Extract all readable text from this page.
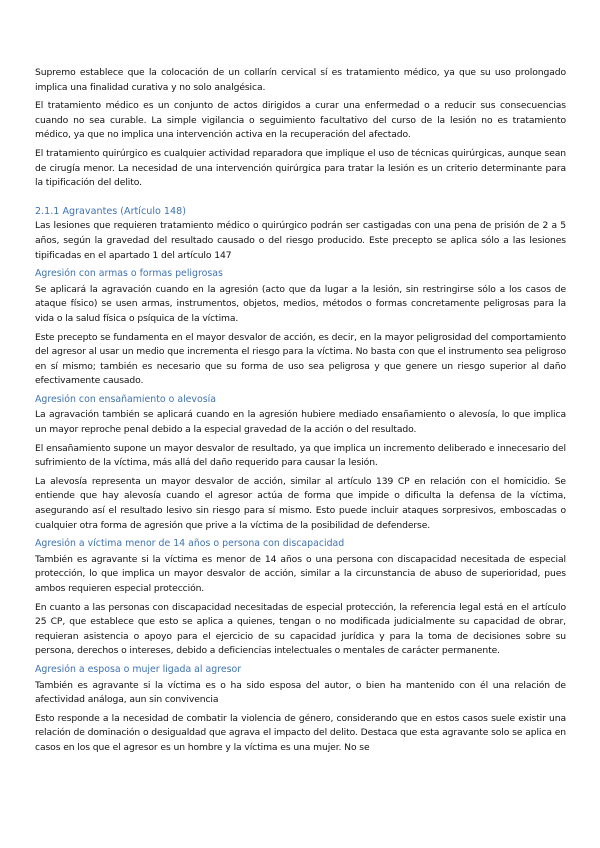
Supremo establece que la colocación de un collarín cervical sí es tratamiento médico, ya que su uso prolongado implica una finalidad curativa y no solo analgésica.

El tratamiento médico es un conjunto de actos dirigidos a curar una enfermedad o a reducir sus consecuencias cuando no sea curable. La simple vigilancia o seguimiento facultativo del curso de la lesión no es tratamiento médico, ya que no implica una intervención activa en la recuperación del afectado.

El tratamiento quirúrgico es cualquier actividad reparadora que implique el uso de técnicas quirúrgicas, aunque sean de cirugía menor. La necesidad de una intervención quirúrgica para tratar la lesión es un criterio determinante para la tipificación del delito.

2.1.1 Agravantes (Artículo 148)

Las lesiones que requieren tratamiento médico o quirúrgico podrán ser castigadas con una pena de prisión de 2 a 5 años, según la gravedad del resultado causado o del riesgo producido. Este precepto se aplica sólo a las lesiones tipificadas en el apartado 1 del artículo 147

Agresión con armas o formas peligrosas

Se aplicará la agravación cuando en la agresión (acto que da lugar a la lesión, sin restringirse sólo a los casos de ataque físico) se usen armas, instrumentos, objetos, medios, métodos o formas concretamente peligrosas para la vida o la salud física o psíquica de la víctima.

Este precepto se fundamenta en el mayor desvalor de acción, es decir, en la mayor peligrosidad del comportamiento del agresor al usar un medio que incrementa el riesgo para la víctima. No basta con que el instrumento sea peligroso en sí mismo; también es necesario que su forma de uso sea peligrosa y que genere un riesgo superior al daño efectivamente causado.

Agresión con ensañamiento o alevosía

La agravación también se aplicará cuando en la agresión hubiere mediado ensañamiento o alevosía, lo que implica un mayor reproche penal debido a la especial gravedad de la acción o del resultado.

El ensañamiento supone un mayor desvalor de resultado, ya que implica un incremento deliberado e innecesario del sufrimiento de la víctima, más allá del daño requerido para causar la lesión.

La alevosía representa un mayor desvalor de acción, similar al artículo 139 CP en relación con el homicidio. Se entiende que hay alevosía cuando el agresor actúa de forma que impide o dificulta la defensa de la víctima, asegurando así el resultado lesivo sin riesgo para sí mismo. Esto puede incluir ataques sorpresivos, emboscadas o cualquier otra forma de agresión que prive a la víctima de la posibilidad de defenderse.

Agresión a víctima menor de 14 años o persona con discapacidad

También es agravante si la víctima es menor de 14 años o una persona con discapacidad necesitada de especial protección, lo que implica un mayor desvalor de acción, similar a la circunstancia de abuso de superioridad, pues ambos requieren especial protección.

En cuanto a las personas con discapacidad necesitadas de especial protección, la referencia legal está en el artículo 25 CP, que establece que esto se aplica a quienes, tengan o no modificada judicialmente su capacidad de obrar, requieran asistencia o apoyo para el ejercicio de su capacidad jurídica y para la toma de decisiones sobre su persona, derechos o intereses, debido a deficiencias intelectuales o mentales de carácter permanente.

Agresión a esposa o mujer ligada al agresor

También es agravante si la víctima es o ha sido esposa del autor, o bien ha mantenido con él una relación de afectividad análoga, aun sin convivencia

Esto responde a la necesidad de combatir la violencia de género, considerando que en estos casos suele existir una relación de dominación o desigualdad que agrava el impacto del delito. Destaca que esta agravante solo se aplica en casos en los que el agresor es un hombre y la víctima es una mujer. No se
